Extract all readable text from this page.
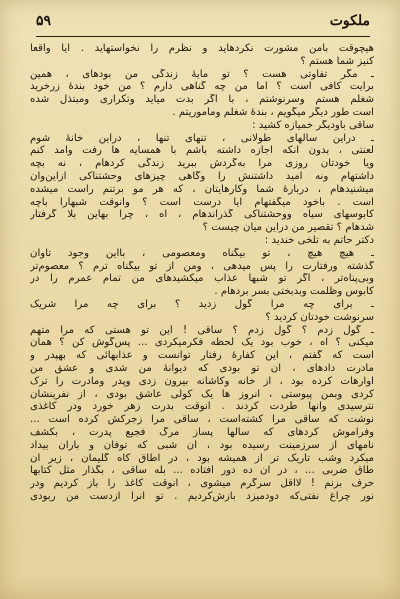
۵۹	ملکوت
هیچوقت بامن مشورت نکردهاید و نظرم را نخواستهاید . آیا واقعاً
کنیز شما هستم ؟
ـ مگر تفاوتی هست ؟ تو مایهٔ زندگی من بودهای ، همین
برایت کافی است ؟ اما من چه گناهی دارم ؟ من خود بندهٔ زرخرید
شغلم هستم وسرنوشتم ، با اگر بدت میآید وتکراری ومبتذل شده
است طور دیگر میگویم ، بندهٔ شغلم ومأموریتم .
ساقی باودیگر خمیازه کشید :
ـ دراین سالهای طولانی ، تنهای تنها ، دراین خانهٔ شوم
لعنتی ، بدون آنکه اجازه داشته باشم با همسایه ها رفت وآمد کنم
ویا خودتان روزی مرا به‌گردش ببرید زندگی کردهام ، نه بچه
داشتهام ونه امید داشتنش را وگاهی چیزهای وحشتناکی ازاین‌وآن
میشنیدهام ، دربارهٔ شما وکارهایتان ، که هر مو برتنم راست میشده
است . باخود میگفتهام آیا درست است ؟ وآنوقت شبهارا باچه
کابوسهای سیاه ووحشتناکی گذراندهام ، آه ، چرا بهاین بلا گرفتار
شدهام ؟ تقصیر من دراین میان چیست ؟
دکتر حاتم به تلخی خندید :
ـ هیچ هیچ ، تو بیگناه ومعصومی ، بااین وجود تاوان
گذشته ورفتارت را پس میدهی ، ومن از تو بیگناه ترم ؟ معصوم‌تر
وبی‌پناه‌تر ، اگر تو شبها عذاب میکشیدهای من تمام عمرم را در
کابوس وظلمت وبدبختی بسر بردهام .
ـ برای چه مرا گول زدید ؟ برای چه مرا شریک
سرنوشت خودتان کردید ؟
ـ گول زدم ؟ گول زدم ؟ ساقی ! این تو هستی که مرا متهم
میکنی ؟ آه ، خوب بود یک لحظه فکرمیکردی ... پس‌گوش کن ؟ همان
است که گفتم ، این کفارهٔ رفتار توانست و عذابهائی که بهپدر و
مادرت دادهای ، آن تو بودی که دیوانهٔ من شدی و عشق من
آوارهات کرده بود ، از خانه وکاشانه بیرون زدی وپدر ومادرت را ترک
کردی وبمن پیوستی ، آنروز ها یک کولی عاشق بودی ، از نفرینشان
نترسیدی وآنها طردت کردند . آنوقت بدرت زهر خورد ودر کاغذی
نوشت که ساقی مرا کشته‌است ، ساقی مرا زجرکش کرده است ...
وفراموش کردهای که سالها پساز مرگ فجیع پدرت ، بکشف
نامهای از سرزمینت رسیده بود ، آن شبی که توفان و باران بیداد
میکرد وشب تاریک تر از همیشه بود ، در اطاق کاه گلیمان ، زیر آن
طاق ضربی ... ، در آن ده دور افتاده ... بله ساقی ، بگذار مثل کتابها
حرف بزنم ! لااقل سرگرم میشوی ، آنوقت کاغذ را باز کردیم ودر
نور چراغ نفتی‌که دودمیزد بازش‌کردیم . تو آنرا ازدست من ربودی
